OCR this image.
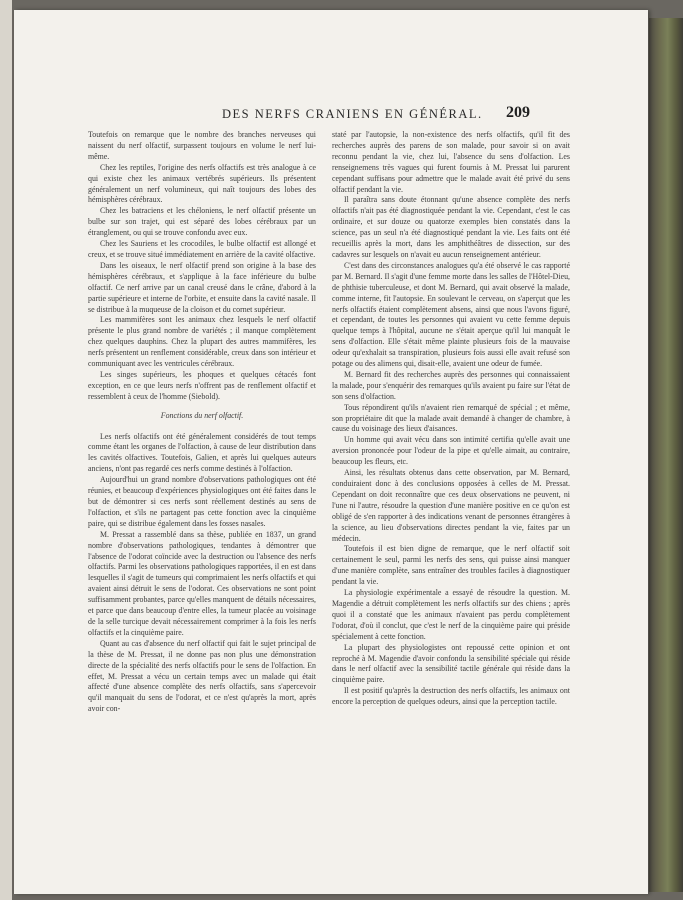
DES NERFS CRANIENS EN GÉNÉRAL. 209

Toutefois on remarque que le nombre des branches nerveuses qui naissent du nerf olfactif, surpassent toujours en volume le nerf lui-même.

Chez les reptiles, l'origine des nerfs olfactifs est très analogue à ce qui existe chez les animaux vertébrés supérieurs. Ils présentent généralement un nerf volumineux, qui naît toujours des lobes des hémisphères cérébraux.

Chez les batraciens et les chéloniens, le nerf olfactif présente un bulbe sur son trajet, qui est séparé des lobes cérébraux par un étranglement, ou qui se trouve confondu avec eux.

Chez les Sauriens et les crocodiles, le bulbe olfactif est allongé et creux, et se trouve situé immédiatement en arrière de la cavité olfactive.

Dans les oiseaux, le nerf olfactif prend son origine à la base des hémisphères cérébraux, et s'applique à la face inférieure du bulbe olfactif. Ce nerf arrive par un canal creusé dans le crâne, d'abord à la partie supérieure et interne de l'orbite, et ensuite dans la cavité nasale. Il se distribue à la muqueuse de la cloison et du cornet supérieur.

Les mammifères sont les animaux chez lesquels le nerf olfactif présente le plus grand nombre de variétés ; il manque complètement chez quelques dauphins. Chez la plupart des autres mammifères, les nerfs présentent un renflement considérable, creux dans son intérieur et communiquant avec les ventricules cérébraux.

Les singes supérieurs, les phoques et quelques cétacés font exception, en ce que leurs nerfs n'offrent pas de renflement olfactif et ressemblent à ceux de l'homme (Siebold).

Fonctions du nerf olfactif.

Les nerfs olfactifs ont été généralement considérés de tout temps comme étant les organes de l'olfaction, à cause de leur distribution dans les cavités olfactives. Toutefois, Galien, et après lui quelques auteurs anciens, n'ont pas regardé ces nerfs comme destinés à l'olfaction.

Aujourd'hui un grand nombre d'observations pathologiques ont été réunies, et beaucoup d'expériences physiologiques ont été faites dans le but de démontrer si ces nerfs sont réellement destinés au sens de l'olfaction, et s'ils ne partagent pas cette fonction avec la cinquième paire, qui se distribue également dans les fosses nasales.

M. Pressat a rassemblé dans sa thèse, publiée en 1837, un grand nombre d'observations pathologiques, tendantes à démontrer que l'absence de l'odorat coïncide avec la destruction ou l'absence des nerfs olfactifs. Parmi les observations pathologiques rapportées, il en est dans lesquelles il s'agit de tumeurs qui comprimaient les nerfs olfactifs et qui avaient ainsi détruit le sens de l'odorat. Ces observations ne sont point suffisamment probantes, parce qu'elles manquent de détails nécessaires, et parce que dans beaucoup d'entre elles, la tumeur placée au voisinage de la selle turcique devait nécessairement comprimer à la fois les nerfs olfactifs et la cinquième paire.

Quant au cas d'absence du nerf olfactif qui fait le sujet principal de la thèse de M. Pressat, il ne donne pas non plus une démonstration directe de la spécialité des nerfs olfactifs pour le sens de l'olfaction. En effet, M. Pressat a vécu un certain temps avec un malade qui était affecté d'une absence complète des nerfs olfactifs, sans s'apercevoir qu'il manquait du sens de l'odorat, et ce n'est qu'après la mort, après avoir con-

staté par l'autopsie, la non-existence des nerfs olfactifs, qu'il fit des recherches auprès des parens de son malade, pour savoir si on avait reconnu pendant la vie, chez lui, l'absence du sens d'olfaction. Les renseignemens très vagues qui furent fournis à M. Pressat lui parurent cependant suffisans pour admettre que le malade avait été privé du sens olfactif pendant la vie.

Il paraîtra sans doute étonnant qu'une absence complète des nerfs olfactifs n'ait pas été diagnostiquée pendant la vie. Cependant, c'est le cas ordinaire, et sur douze ou quatorze exemples bien constatés dans la science, pas un seul n'a été diagnostiqué pendant la vie. Les faits ont été recueillis après la mort, dans les amphithéâtres de dissection, sur des cadavres sur lesquels on n'avait eu aucun renseignement antérieur.

C'est dans des circonstances analogues qu'a été observé le cas rapporté par M. Bernard. Il s'agit d'une femme morte dans les salles de l'Hôtel-Dieu, de phthisie tuberculeuse, et dont M. Bernard, qui avait observé la malade, comme interne, fit l'autopsie. En soulevant le cerveau, on s'aperçut que les nerfs olfactifs étaient complètement absens, ainsi que nous l'avons figuré, et cependant, de toutes les personnes qui avaient vu cette femme depuis quelque temps à l'hôpital, aucune ne s'était aperçue qu'il lui manquât le sens d'olfaction. Elle s'était même plainte plusieurs fois de la mauvaise odeur qu'exhalait sa transpiration, plusieurs fois aussi elle avait refusé son potage ou des alimens qui, disait-elle, avaient une odeur de fumée.

M. Bernard fit des recherches auprès des personnes qui connaissaient la malade, pour s'enquérir des remarques qu'ils avaient pu faire sur l'état de son sens d'olfaction.

Tous répondirent qu'ils n'avaient rien remarqué de spécial ; et même, son propriétaire dit que la malade avait demandé à changer de chambre, à cause du voisinage des lieux d'aisances.

Un homme qui avait vécu dans son intimité certifia qu'elle avait une aversion prononcée pour l'odeur de la pipe et qu'elle aimait, au contraire, beaucoup les fleurs, etc.

Ainsi, les résultats obtenus dans cette observation, par M. Bernard, conduiraient donc à des conclusions opposées à celles de M. Pressat. Cependant on doit reconnaître que ces deux observations ne peuvent, ni l'une ni l'autre, résoudre la question d'une manière positive en ce qu'on est obligé de s'en rapporter à des indications venant de personnes étrangères à la science, au lieu d'observations directes pendant la vie, faites par un médecin.

Toutefois il est bien digne de remarque, que le nerf olfactif soit certainement le seul, parmi les nerfs des sens, qui puisse ainsi manquer d'une manière complète, sans entraîner des troubles faciles à diagnostiquer pendant la vie.

La physiologie expérimentale a essayé de résoudre la question. M. Magendie a détruit complètement les nerfs olfactifs sur des chiens ; après quoi il a constaté que les animaux n'avaient pas perdu complètement l'odorat, d'où il conclut, que c'est le nerf de la cinquième paire qui préside spécialement à cette fonction.

La plupart des physiologistes ont repoussé cette opinion et ont reproché à M. Magendie d'avoir confondu la sensibilité spéciale qui réside dans le nerf olfactif avec la sensibilité tactile générale qui réside dans la cinquième paire.

Il est positif qu'après la destruction des nerfs olfactifs, les animaux ont encore la perception de quelques odeurs, ainsi que la perception tactile.
